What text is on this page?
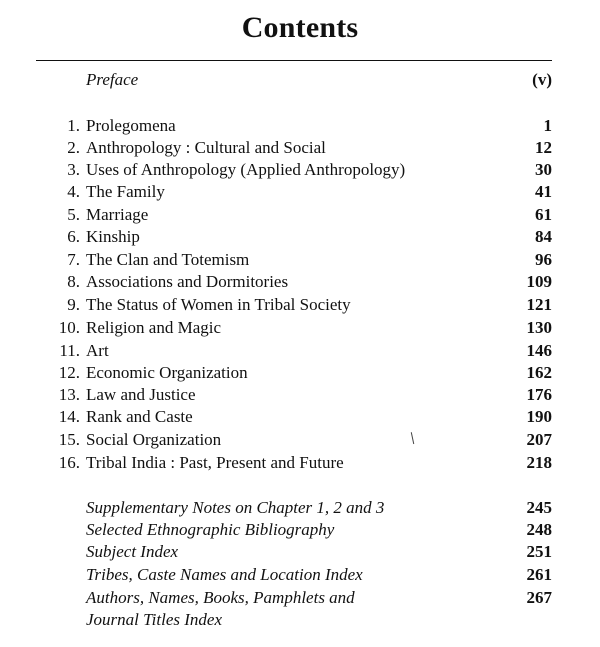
Contents
Preface	(v)
1. Prolegomena	1
2. Anthropology : Cultural and Social	12
3. Uses of Anthropology (Applied Anthropology)	30
4. The Family	41
5. Marriage	61
6. Kinship	84
7. The Clan and Totemism	96
8. Associations and Dormitories	109
9. The Status of Women in Tribal Society	121
10. Religion and Magic	130
11. Art	146
12. Economic Organization	162
13. Law and Justice	176
14. Rank and Caste	190
15. Social Organization	207
16. Tribal India : Past, Present and Future	218
Supplementary Notes on Chapter 1, 2 and 3	245
Selected Ethnographic Bibliography	248
Subject Index	251
Tribes, Caste Names and Location Index	261
Authors, Names, Books, Pamphlets and	267
Journal Titles Index
